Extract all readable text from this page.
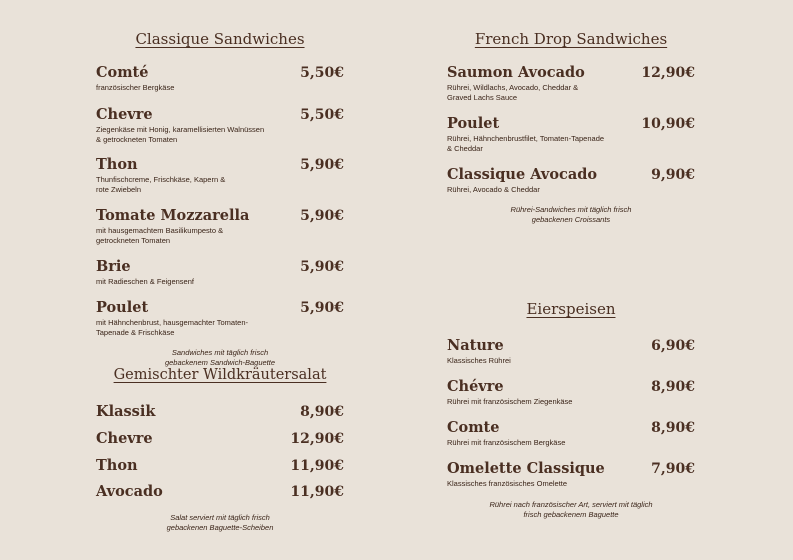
Classique Sandwiches
Comté	5,50€
französischer Bergkäse
Chevre	5,50€
Ziegenkäse mit Honig, karamellisierten Walnüssen & getrockneten Tomaten
Thon	5,90€
Thunfischcreme, Frischkäse, Kapern & rote Zwiebeln
Tomate Mozzarella	5,90€
mit hausgemachtem Basilikumpesto & getrockneten Tomaten
Brie	5,90€
mit Radieschen & Feigensenf
Poulet	5,90€
mit Hähnchenbrust, hausgemachter Tomaten-Tapenade & Frischkäse
Sandwiches mit täglich frisch gebackenem Sandwich-Baguette
Gemischter Wildkräutersalat
Klassik	8,90€
Chevre	12,90€
Thon	11,90€
Avocado	11,90€
Salat serviert mit täglich frisch gebackenen Baguette-Scheiben
French Drop Sandwiches
Saumon Avocado	12,90€
Rührei, Wildlachs, Avocado, Cheddar & Graved Lachs Sauce
Poulet	10,90€
Rührei, Hähnchenbrustfilet, Tomaten-Tapenade & Cheddar
Classique Avocado	9,90€
Rührei, Avocado & Cheddar
Rührei-Sandwiches mit täglich frisch gebackenen Croissants
Eierspeisen
Nature	6,90€
Klassisches Rührei
Chévre	8,90€
Rührei mit französischem Ziegenkäse
Comte	8,90€
Rührei mit französischem Bergkäse
Omelette Classique	7,90€
Klassisches französisches Omelette
Rührei nach französischer Art, serviert mit täglich frisch gebackenem Baguette
